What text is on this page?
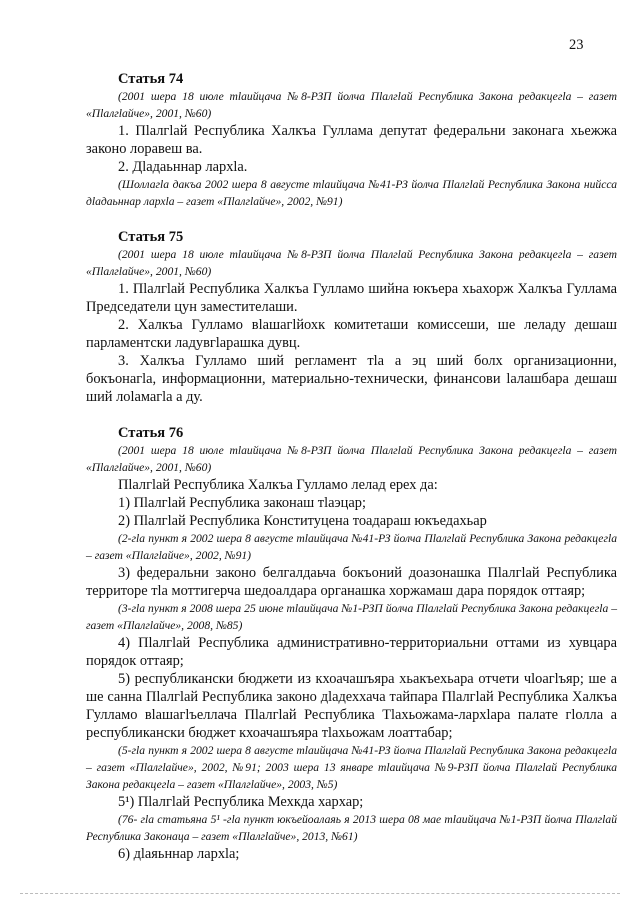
23
Статья 74
(2001 шера 18 июле тlаийцача №8-РЗП йолча Пlалгlай Республика Закона редакцегlа – газет «Пlалгlайче», 2001, №60)
1. Пlалгlай Республика Халкъа Гуллама депутат федеральни законага хьежжа законо лоравеш ва.
2. Дlадаьннар лархlа.
(Шоллагlа дакъа 2002 шера 8 августе тlаийцача №41-РЗ йолча Пlалгlай Республика Закона нийсса дlадаьннар лархlа – газет «Пlалгlайче», 2002, №91)
Статья 75
(2001 шера 18 июле тlаийцача №8-РЗП йолча Пlалгlай Республика Закона редакцегlа – газет «Пlалгlайче», 2001, №60)
1. Пlалгlай Республика Халкъа Гулламо шийна юкъера хьахорж Халкъа Гуллама Председатели цун заместителаши.
2. Халкъа Гулламо вlашагlйохк комитеташи комиссеши, ше леладу дешаш парламентски ладувгlарашка дувц.
3. Халкъа Гулламо ший регламент тlа а эц ший болх организационни, бокъонагlа, информационни, материально-технически, финансови lалашбара дешаш ший лоlамагlа а ду.
Статья 76
(2001 шера 18 июле тlаийцача №8-РЗП йолча Пlалгlай Республика Закона редакцегlа – газет «Пlалгlайче», 2001, №60)
Пlалгlай Республика Халкъа Гулламо лелад ерех да:
1) Пlалгlай Республика законаш тlаэцар;
2) Пlалгlай Республика Конституцена тоадараш юкъедахьар
(2-гlа пункт я 2002 шера 8 августе тlаийцача №41-РЗ йолча Пlалгlай Республика Закона редакцегlа – газет «Пlалгlайче», 2002, №91)
3) федеральни законо белгалдаьча бокъоний доазонашка Пlалгlай Республика территоре тlа моттигерча шедоалдара органашка хоржамаш дара порядок оттаяр;
(3-гlа пункт я 2008 шера 25 июне тlаийцача №1-РЗП йолча Пlалгlай Республика Закона редакцегlа – газет «Пlалгlайче», 2008, №85)
4) Пlалгlай Республика административно-территориальни оттами из хувцара порядок оттаяр;
5) республикански бюджети из кхоачашъяра хьакъехьара отчети чlоагlъяр; ше а ше санна Пlалгlай Республика законо дlадеххача тайпара Пlалгlай Республика Халкъа Гулламо вlашагlъеллача Пlалгlай Республика Тlахьожама-лархlара палате гlолла а республикански бюджет кхоачашъяра тlахьожам лоаттабар;
(5-гlа пункт я 2002 шера 8 августе тlаийцача №41-РЗ йолча Пlалгlай Республика Закона редакцегlа – газет «Пlалгlайче», 2002, №91; 2003 шера 13 январе тlаийцача №9-РЗП йолча Пlалгlай Республика Закона редакцегlа – газет «Пlалгlайче», 2003, №5)
5¹) Пlалгlай Республика Мехкда хархар;
(76- гlа статьяна 5¹ -гlа пункт юкъейоалаяь я 2013 шера 08 мае тlаийцача №1-РЗП йолча Пlалгlай Республика Законаца – газет «Пlалгlайче», 2013, №61)
6) дlаяьннар лархlа;
